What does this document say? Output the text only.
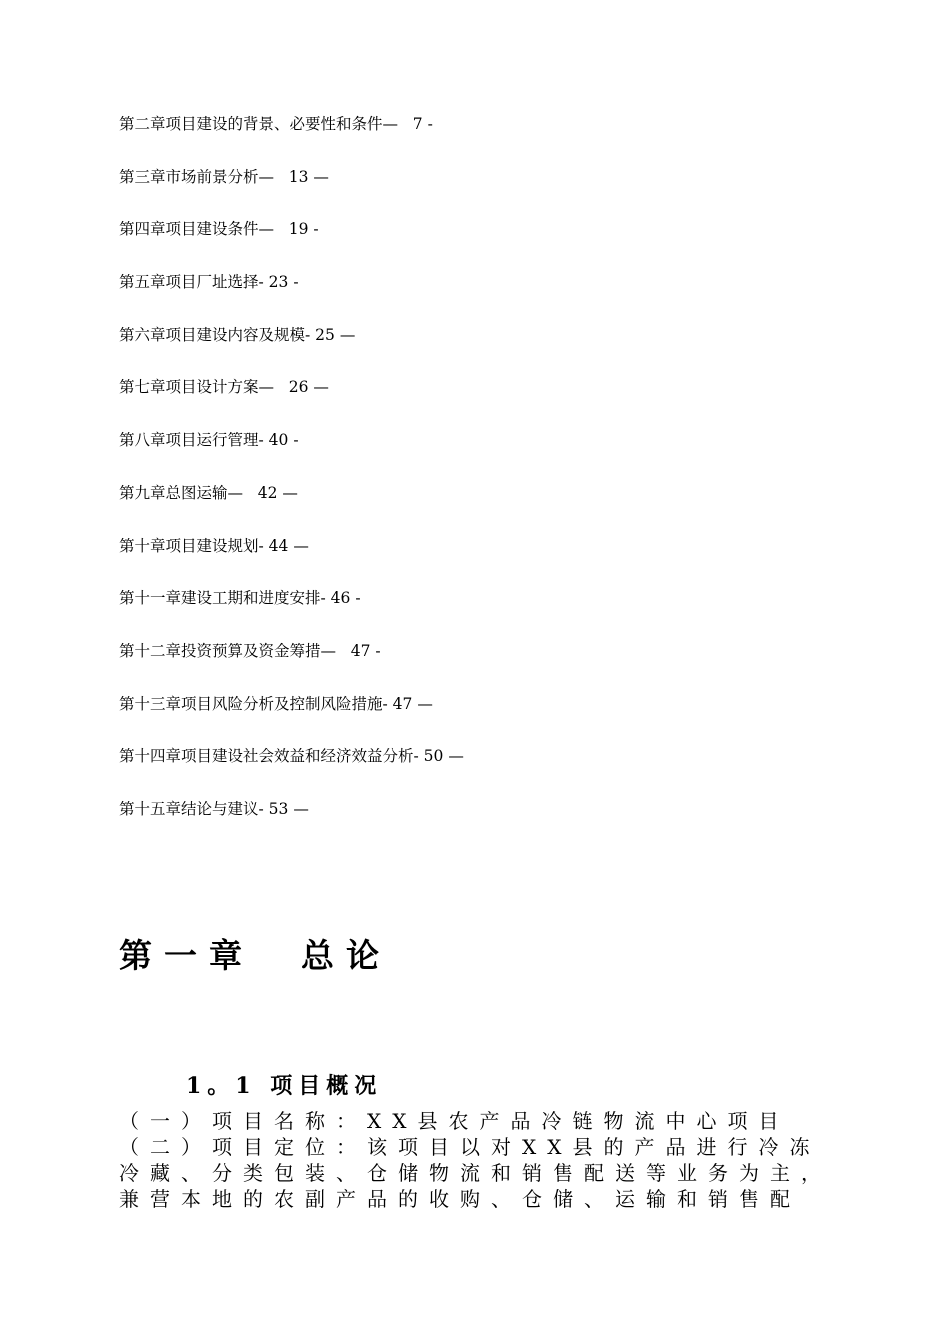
第二章项目建设的背景、必要性和条件—   7 -
第三章市场前景分析—   13 —
第四章项目建设条件—   19 -
第五章项目厂址选择- 23 -
第六章项目建设内容及规模- 25 —
第七章项目设计方案—   26 —
第八章项目运行管理- 40 -
第九章总图运输—   42 —
第十章项目建设规划- 44 —
第十一章建设工期和进度安排- 46 -
第十二章投资预算及资金筹措—   47 -
第十三章项目风险分析及控制风险措施- 47 —
第十四章项目建设社会效益和经济效益分析- 50 —
第十五章结论与建议- 53 —
第一章  总论
1。1 项目概况
（一）项目名称：XX县农产品冷链物流中心项目
（二）项目定位：该项目以对XX县的产品进行冷冻
冷藏、分类包装、仓储物流和销售配送等业务为主，
兼营本地的农副产品的收购、仓储、运输和销售配
